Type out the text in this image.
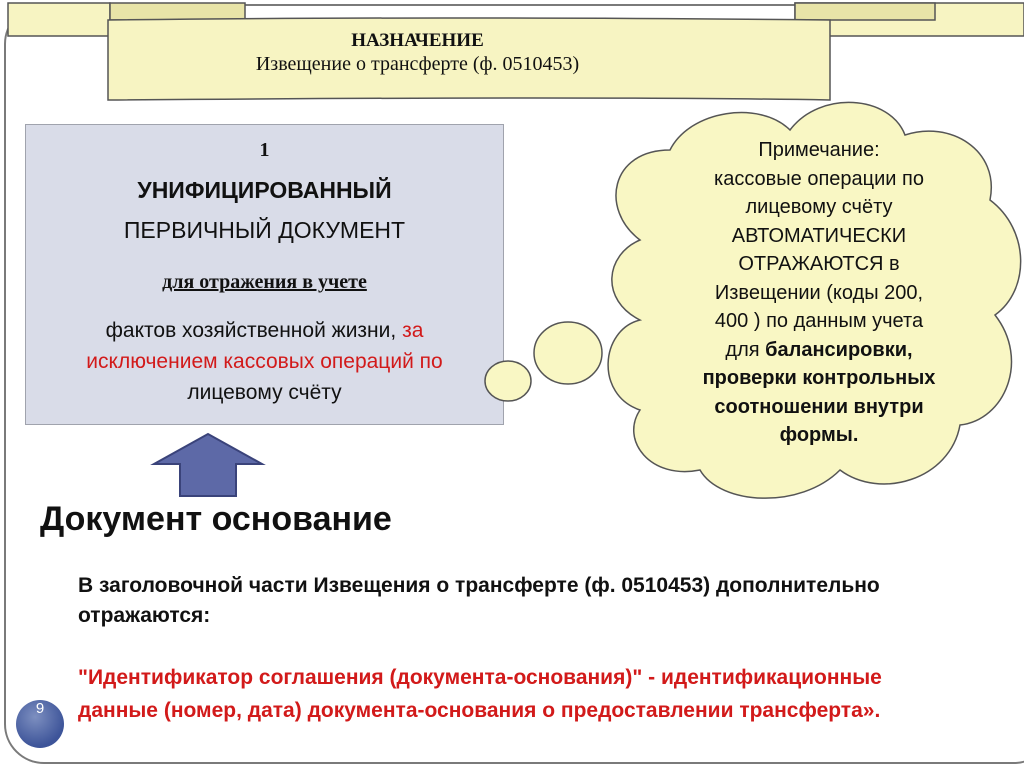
НАЗНАЧЕНИЕ
Извещение о трансферте (ф. 0510453)
1
УНИФИЦИРОВАННЫЙ
ПЕРВИЧНЫЙ ДОКУМЕНТ
для отражения в учете
фактов хозяйственной жизни, за исключением кассовых операций по
лицевому счёту
Примечание:
кассовые операции по
лицевому счёту
АВТОМАТИЧЕСКИ
ОТРАЖАЮТСЯ в
Извещении (коды 200,
400 ) по данным учета
для балансировки,
проверки контрольных
соотношении внутри
формы.
Документ основание
В заголовочной части Извещения о трансферте (ф. 0510453) дополнительно
отражаются:
"Идентификатор соглашения (документа-основания)" - идентификационные
данные (номер, дата) документа-основания о предоставлении трансферта».
9
